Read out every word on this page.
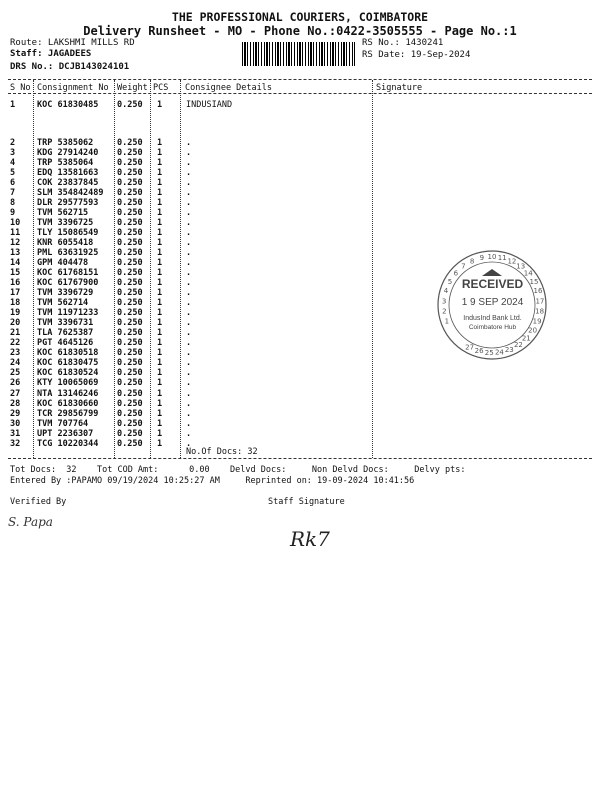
THE PROFESSIONAL COURIERS, COIMBATORE
Delivery Runsheet - MO - Phone No.:0422-3505555 - Page No.:1
Route: LAKSHMI MILLS RD
Staff: JAGADEES
DRS No.: DCJB143024101
RS No.: 1430241
RS Date: 19-Sep-2024
S No Consignment No Weight PCS Consignee Details	Signature
1	KOC 61830485 0.250 1	INDUSIAND
2	TRP 5385062	0.250 1	.
3	KDG 27914240 0.250 1	.
4	TRP 5385064	0.250 1	.
5	EDQ 13581663 0.250 1	.
6	COK 23837845 0.250 1	.
7	SLM 354842489 0.250 1	.
8	DLR 29577593 0.250 1	.
9	TVM 562715	0.250 1	.
10 TVM 3396725	0.250 1	.
11 TLY 15086549 0.250 1	.
12 KNR 6055418	0.250 1	.
13 PML 63631925 0.250 1	.
14 GPM 404478	0.250 1	.
15 KOC 61768151 0.250 1	.
16 KOC 61767900 0.250 1	.
17 TVM 3396729	0.250 1	.
18 TVM 562714	0.250 1	.
19 TVM 11971233 0.250 1	.
20 TVM 3396731	0.250 1	.
21 TLA 7625387	0.250 1	.
22 PGT 4645126	0.250 1	.
23 KOC 61830518 0.250 1	.
24 KOC 61830475 0.250 1	.
25 KOC 61830524 0.250 1	.
26 KTY 10065069 0.250 1	.
27 NTA 13146246 0.250 1	.
28 KOC 61830660 0.250 1	.
29 TCR 29856799 0.250 1	.
30 TVM 707764	0.250 1	.
31 UPT 2236307	0.250 1	.
32 TCG 10220344 0.250 1	.
No.Of Docs: 32
Tot Docs:  32    Tot COD Amt:      0.00    Delvd Docs:     Non Delvd Docs:     Delvy pts:
Entered By :PAPAMO 09/19/2024 10:25:27 AM     Reprinted on: 19-09-2024 10:41:56
Verified By	Staff Signature
S. Papa
Rk7
1
2
3
4
5
6
7
8 9 10 11 12
13
14
15
16
17
18
19
20
21
22
23
24
25
26
27
RECEIVED
1 9 SEP 2024
IndusInd Bank Ltd.
Coimbatore Hub
